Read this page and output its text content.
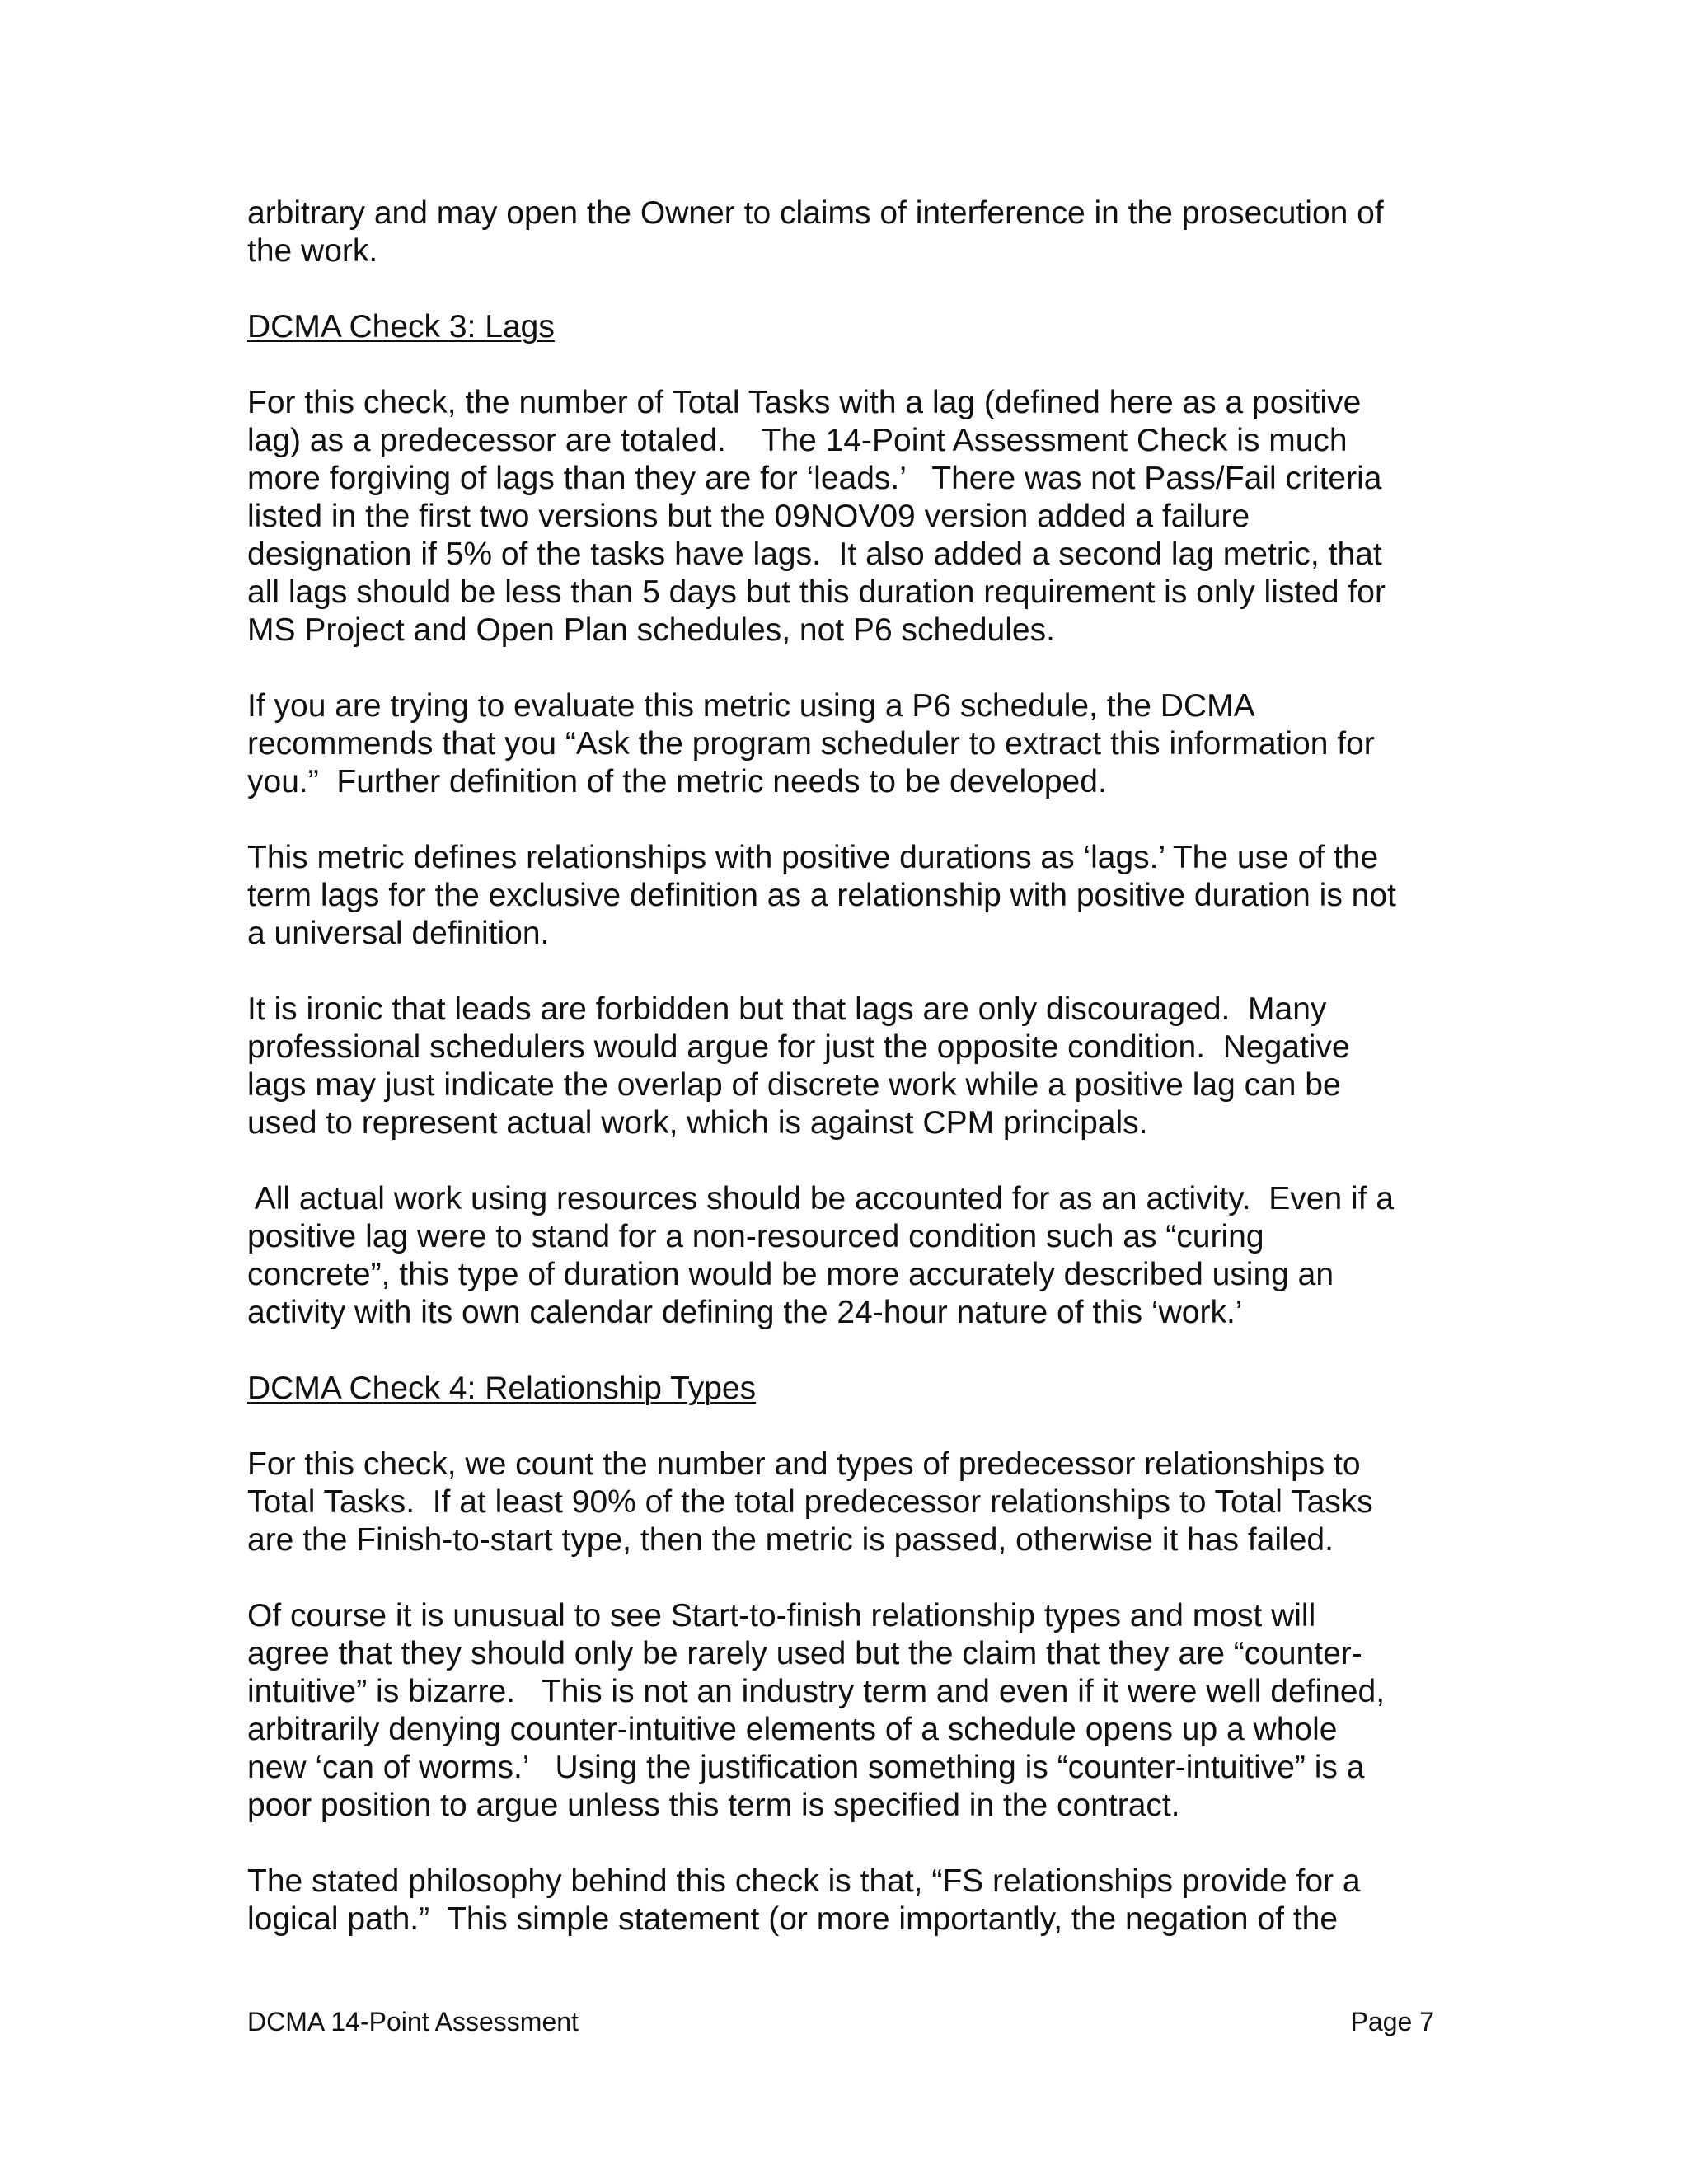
arbitrary and may open the Owner to claims of interference in the prosecution of
the work.
DCMA Check 3: Lags
For this check, the number of Total Tasks with a lag (defined here as a positive
lag) as a predecessor are totaled.    The 14-Point Assessment Check is much
more forgiving of lags than they are for ‘leads.’   There was not Pass/Fail criteria
listed in the first two versions but the 09NOV09 version added a failure
designation if 5% of the tasks have lags.  It also added a second lag metric, that
all lags should be less than 5 days but this duration requirement is only listed for
MS Project and Open Plan schedules, not P6 schedules.
If you are trying to evaluate this metric using a P6 schedule, the DCMA
recommends that you “Ask the program scheduler to extract this information for
you.”  Further definition of the metric needs to be developed.
This metric defines relationships with positive durations as ‘lags.’ The use of the
term lags for the exclusive definition as a relationship with positive duration is not
a universal definition.
It is ironic that leads are forbidden but that lags are only discouraged.  Many
professional schedulers would argue for just the opposite condition.  Negative
lags may just indicate the overlap of discrete work while a positive lag can be
used to represent actual work, which is against CPM principals.
All actual work using resources should be accounted for as an activity.  Even if a
positive lag were to stand for a non-resourced condition such as “curing
concrete”, this type of duration would be more accurately described using an
activity with its own calendar defining the 24-hour nature of this ‘work.’
DCMA Check 4: Relationship Types
For this check, we count the number and types of predecessor relationships to
Total Tasks.  If at least 90% of the total predecessor relationships to Total Tasks
are the Finish-to-start type, then the metric is passed, otherwise it has failed.
Of course it is unusual to see Start-to-finish relationship types and most will
agree that they should only be rarely used but the claim that they are “counter-
intuitive” is bizarre.   This is not an industry term and even if it were well defined,
arbitrarily denying counter-intuitive elements of a schedule opens up a whole
new ‘can of worms.’   Using the justification something is “counter-intuitive” is a
poor position to argue unless this term is specified in the contract.
The stated philosophy behind this check is that, “FS relationships provide for a
logical path.”  This simple statement (or more importantly, the negation of the
DCMA 14-Point Assessment	Page 7
